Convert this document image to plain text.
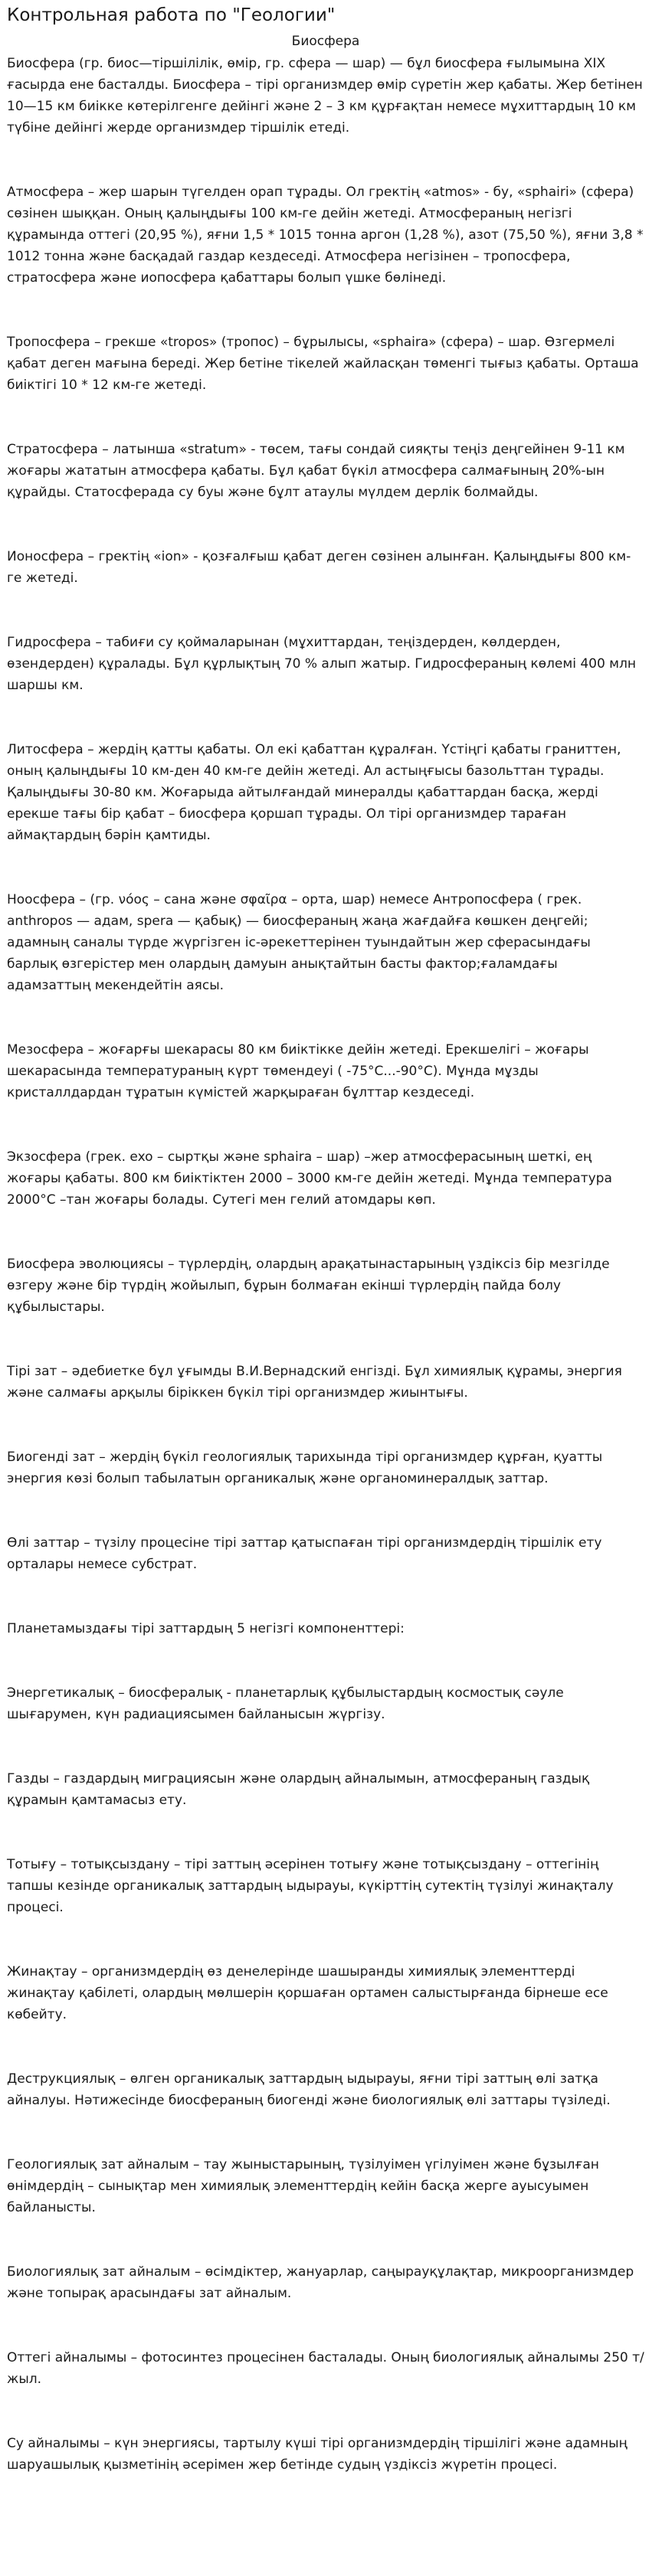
Контрольная работа по "Геологии"
Биосфера

Биосфера (гр. биос—тіршілілік, өмір, гр. сфера — шар) — бұл биосфера ғылымына XIX ғасырда ене басталды. Биосфера – тірі организмдер өмір сүретін жер қабаты. Жер бетінен 10—15 км биікке көтерілгенге дейінгі және 2 – 3 км құрғақтан немесе мұхиттардың 10 км түбіне дейінгі жерде организмдер тіршілік етеді.

Атмосфера – жер шарын түгелден орап тұрады. Ол гректің «atmos» - бу, «sphairi» (сфера) сөзінен шыққан. Оның қалыңдығы 100 км-ге дейін жетеді. Атмосфераның негізгі құрамында оттегі (20,95 %), яғни 1,5 * 1015 тонна аргон (1,28 %), азот (75,50 %), яғни 3,8 * 1012 тонна және басқадай газдар кездеседі. Атмосфера негізінен – тропосфера, стратосфера және иопосфера қабаттары болып үшке бөлінеді.

Тропосфера – грекше «tropos» (тропос) – бұрылысы, «sphaira» (сфера) – шар. Өзгермелі қабат деген мағына береді. Жер бетіне тікелей жайласқан төменгі тығыз қабаты. Орташа биіктігі 10 * 12 км-ге жетеді.

Стратосфера – латынша «stratum» - төсем, тағы сондай сияқты теңіз деңгейінен 9-11 км жоғары жататын атмосфера қабаты. Бұл қабат бүкіл атмосфера салмағының 20%-ын құрайды. Статосферада су буы және бұлт атаулы мүлдем дерлік болмайды.

Ионосфера – гректің «ion» - қозғалғыш қабат деген сөзінен алынған. Қалыңдығы 800 км-ге жетеді.

Гидросфера – табиғи су қоймаларынан (мұхиттардан, теңіздерден, көлдерден, өзендерден) құралады. Бұл құрлықтың 70 % алып жатыр. Гидросфераның көлемі 400 млн шаршы км.

Литосфера – жердің қатты қабаты. Ол екі қабаттан құралған. Үстіңгі қабаты граниттен, оның қалыңдығы 10 км-ден 40 км-ге дейін жетеді. Ал астыңғысы базольттан тұрады. Қалыңдығы 30-80 км. Жоғарыда айтылғандай минералды қабаттардан басқа, жерді ерекше тағы бір қабат – биосфера қоршап тұрады. Ол тірі организмдер тараған аймақтардың бәрін қамтиды.

Ноосфера – (гр. νόος – сана және σφαῖρα – орта, шар) немесе Антропосфера ( грек. anthropos — адам, spera — қабық) — биосфераның жаңа жағдайға көшкен деңгейі; адамның саналы түрде жүргізген іс-әрекеттерінен туындайтын жер сферасындағы барлық өзгерістер мен олардың дамуын анықтайтын басты фактор;ғаламдағы адамзаттың мекендейтін аясы.

Мезосфера – жоғарғы шекарасы 80 км биіктікке дейін жетеді. Ерекшелігі – жоғары шекарасында температураның күрт төмендеуі ( -75°С...-90°С). Мұнда мұзды кристаллдардан тұратын күмістей жарқыраған бұлттар кездеседі.

Экзосфера (грек. exo – сыртқы және sphaira – шар) –жер атмосферасының шеткі, ең жоғары қабаты. 800 км биіктіктен 2000 – 3000 км-ге дейін жетеді. Мұнда температура 2000°С –тан жоғары болады. Сутегі мен гелий атомдары көп.

Биосфера эволюциясы – түрлердің, олардың арақатынастарының үздіксіз бір мезгілде өзгеру және бір түрдің жойылып, бұрын болмаған екінші түрлердің пайда болу құбылыстары.

Тірі зат – әдебиетке бұл ұғымды В.И.Вернадский енгізді. Бұл химиялық құрамы, энергия және салмағы арқылы біріккен бүкіл тірі организмдер жиынтығы.

Биогенді зат – жердің бүкіл геологиялық тарихында тірі организмдер құрған, қуатты энергия көзі болып табылатын органикалық және органоминералдық заттар.

Өлі заттар – түзілу процесіне тірі заттар қатыспаған тірі организмдердің тіршілік ету орталары немесе субстрат.

Планетамыздағы тірі заттардың 5 негізгі компоненттері:

Энергетикалық – биосфералық - планетарлық құбылыстардың космостық сәуле шығарумен, күн радиациясымен байланысын жүргізу.

Газды – газдардың миграциясын және олардың айналымын, атмосфераның газдық құрамын қамтамасыз ету.

Тотығу – тотықсыздану – тірі заттың әсерінен тотығу және тотықсыздану – оттегінің тапшы кезінде органикалық заттардың ыдырауы, күкірттің сутектің түзілуі жинақталу процесі.

Жинақтау – организмдердің өз денелерінде шашыранды химиялық элементтерді жинақтау қабілеті, олардың мөлшерін қоршаған ортамен салыстырғанда бірнеше есе көбейту.

Деструкциялық – өлген органикалық заттардың ыдырауы, яғни тірі заттың өлі затқа айналуы. Нәтижесінде биосфераның биогенді және биологиялық өлі заттары түзіледі.

Геологиялық зат айналым – тау жыныстарының, түзілуімен үгілуімен және бұзылған өнімдердің – сынықтар мен химиялық элементтердің кейін басқа жерге ауысуымен байланысты.

Биологиялық зат айналым – өсімдіктер, жануарлар, саңырауқұлақтар, микроорганизмдер және топырақ арасындағы зат айналым.

Оттегі айналымы – фотосинтез процесінен басталады. Оның биологиялық айналымы 250 т/жыл.

Су айналымы – күн энергиясы, тартылу күші тірі организмдердің тіршілігі және адамның шаруашылық қызметінің әсерімен жер бетінде судың үздіксіз жүретін процесі.
